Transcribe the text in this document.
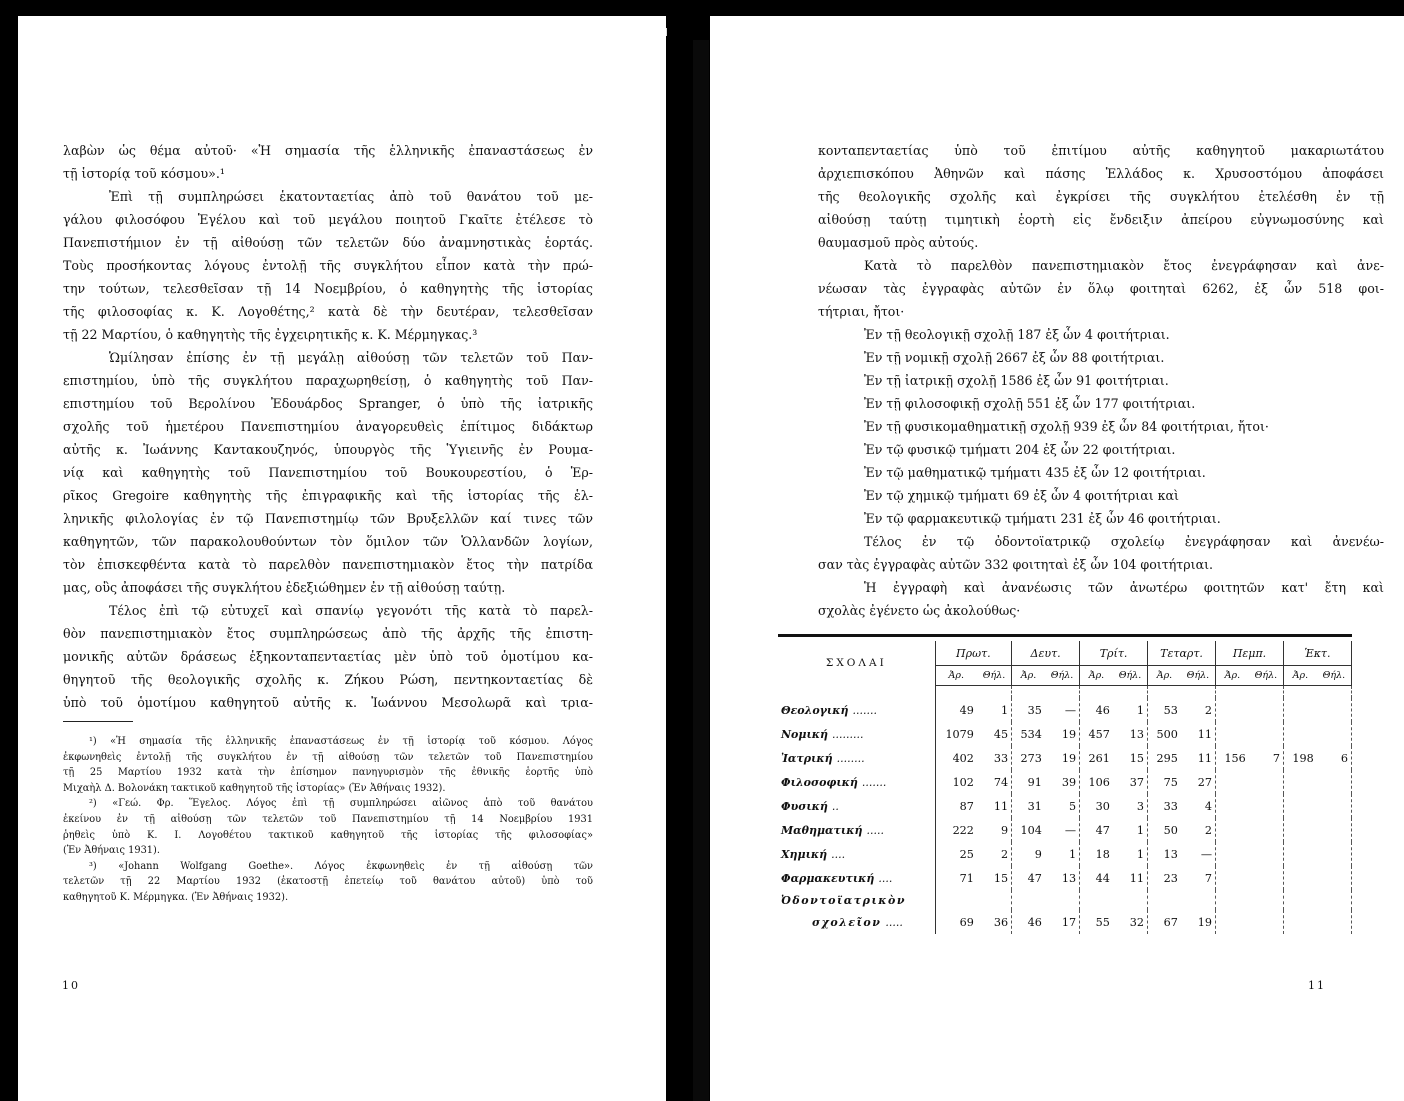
λαβὼν ὡς θέμα αὐτοῦ· «Ἡ σημασία τῆς ἑλληνικῆς ἐπαναστάσεως ἐν
τῇ ἱστορίᾳ τοῦ κόσμου».¹
Ἐπὶ τῇ συμπληρώσει ἑκατονταετίας ἀπὸ τοῦ θανάτου τοῦ με-
γάλου φιλοσόφου Ἑγέλου καὶ τοῦ μεγάλου ποιητοῦ Γκαῖτε ἐτέλεσε τὸ
Πανεπιστήμιον ἐν τῇ αἰθούσῃ τῶν τελετῶν δύο ἀναμνηστικὰς ἑορτάς.
Τοὺς προσήκοντας λόγους ἐντολῇ τῆς συγκλήτου εἶπον κατὰ τὴν πρώ-
την τούτων, τελεσθεῖσαν τῇ 14 Νοεμβρίου, ὁ καθηγητὴς τῆς ἱστορίας
τῆς φιλοσοφίας κ. Κ. Λογοθέτης,² κατὰ δὲ τὴν δευτέραν, τελεσθεῖσαν
τῇ 22 Μαρτίου, ὁ καθηγητὴς τῆς ἐγχειρητικῆς κ. Κ. Μέρμηγκας.³
Ὡμίλησαν ἐπίσης ἐν τῇ μεγάλῃ αἰθούσῃ τῶν τελετῶν τοῦ Παν-
επιστημίου, ὑπὸ τῆς συγκλήτου παραχωρηθείσῃ, ὁ καθηγητὴς τοῦ Παν-
επιστημίου τοῦ Βερολίνου Ἐδουάρδος Spranger, ὁ ὑπὸ τῆς ἰατρικῆς
σχολῆς τοῦ ἡμετέρου Πανεπιστημίου ἀναγορευθεὶς ἐπίτιμος διδάκτωρ
αὐτῆς κ. Ἰωάννης Καντακουζηνός, ὑπουργὸς τῆς Ὑγιεινῆς ἐν Ρουμα-
νίᾳ καὶ καθηγητὴς τοῦ Πανεπιστημίου τοῦ Βουκουρεστίου, ὁ Ἑρ-
ρῖκος Gregoire καθηγητὴς τῆς ἐπιγραφικῆς καὶ τῆς ἱστορίας τῆς ἑλ-
ληνικῆς φιλολογίας ἐν τῷ Πανεπιστημίῳ τῶν Βρυξελλῶν καί τινες τῶν
καθηγητῶν, τῶν παρακολουθούντων τὸν ὅμιλον τῶν Ὁλλανδῶν λογίων,
τὸν ἐπισκεφθέντα κατὰ τὸ παρελθὸν πανεπιστημιακὸν ἔτος τὴν πατρίδα
μας, οὓς ἀποφάσει τῆς συγκλήτου ἐδεξιώθημεν ἐν τῇ αἰθούσῃ ταύτῃ.
Τέλος ἐπὶ τῷ εὐτυχεῖ καὶ σπανίῳ γεγονότι τῆς κατὰ τὸ παρελ-
θὸν πανεπιστημιακὸν ἔτος συμπληρώσεως ἀπὸ τῆς ἀρχῆς τῆς ἐπιστη-
μονικῆς αὐτῶν δράσεως ἑξηκονταπενταετίας μὲν ὑπὸ τοῦ ὁμοτίμου κα-
θηγητοῦ τῆς θεολογικῆς σχολῆς κ. Ζήκου Ρώση, πεντηκονταετίας δὲ
ὑπὸ τοῦ ὁμοτίμου καθηγητοῦ αὐτῆς κ. Ἰωάννου Μεσολωρᾶ καὶ τρια-
¹) «Ἡ σημασία τῆς ἑλληνικῆς ἐπαναστάσεως ἐν τῇ ἱστορίᾳ τοῦ κόσμου. Λόγος
ἐκφωνηθεὶς ἐντολῇ τῆς συγκλήτου ἐν τῇ αἰθούσῃ τῶν τελετῶν τοῦ Πανεπιστημίου
τῇ 25 Μαρτίου 1932 κατὰ τὴν ἐπίσημον πανηγυρισμὸν τῆς ἐθνικῆς ἑορτῆς ὑπὸ
Μιχαὴλ Δ. Βολονάκη τακτικοῦ καθηγητοῦ τῆς ἱστορίας» (Ἐν Ἀθήναις 1932).
²) «Γεώ. Φρ. Ἕγελος. Λόγος ἐπὶ τῇ συμπληρώσει αἰῶνος ἀπὸ τοῦ θανάτου
ἐκείνου ἐν τῇ αἰθούσῃ τῶν τελετῶν τοῦ Πανεπιστημίου τῇ 14 Νοεμβρίου 1931
ῥηθεὶς ὑπὸ Κ. Ι. Λογοθέτου τακτικοῦ καθηγητοῦ τῆς ἱστορίας τῆς φιλοσοφίας»
(Ἐν Ἀθήναις 1931).
³) «Johann Wolfgang Goethe». Λόγος ἐκφωνηθεὶς ἐν τῇ αἰθούσῃ τῶν
τελετῶν τῇ 22 Μαρτίου 1932 (ἑκατοστῇ ἐπετείῳ τοῦ θανάτου αὐτοῦ) ὑπὸ τοῦ
καθηγητοῦ Κ. Μέρμηγκα. (Ἐν Ἀθήναις 1932).
10
κονταπενταετίας ὑπὸ τοῦ ἐπιτίμου αὐτῆς καθηγητοῦ μακαριωτάτου
ἀρχιεπισκόπου Ἀθηνῶν καὶ πάσης Ἑλλάδος κ. Χρυσοστόμου ἀποφάσει
τῆς θεολογικῆς σχολῆς καὶ ἐγκρίσει τῆς συγκλήτου ἐτελέσθη ἐν τῇ
αἰθούσῃ ταύτῃ τιμητικὴ ἑορτὴ εἰς ἔνδειξιν ἀπείρου εὐγνωμοσύνης καὶ
θαυμασμοῦ πρὸς αὐτούς.
Κατὰ τὸ παρελθὸν πανεπιστημιακὸν ἔτος ἐνεγράφησαν καὶ ἀνε-
νέωσαν τὰς ἐγγραφὰς αὐτῶν ἐν ὅλῳ φοιτηταὶ 6262, ἐξ ὧν 518 φοι-
τήτριαι, ἤτοι·
Ἐν τῇ θεολογικῇ σχολῇ 187 ἐξ ὧν 4 φοιτήτριαι.
Ἐν τῇ νομικῇ σχολῇ 2667 ἐξ ὧν 88 φοιτήτριαι.
Ἐν τῇ ἰατρικῇ σχολῇ 1586 ἐξ ὧν 91 φοιτήτριαι.
Ἐν τῇ φιλοσοφικῇ σχολῇ 551 ἐξ ὧν 177 φοιτήτριαι.
Ἐν τῇ φυσικομαθηματικῇ σχολῇ 939 ἐξ ὧν 84 φοιτήτριαι, ἤτοι·
Ἐν τῷ φυσικῷ τμήματι 204 ἐξ ὧν 22 φοιτήτριαι.
Ἐν τῷ μαθηματικῷ τμήματι 435 ἐξ ὧν 12 φοιτήτριαι.
Ἐν τῷ χημικῷ τμήματι 69 ἐξ ὧν 4 φοιτήτριαι καὶ
Ἐν τῷ φαρμακευτικῷ τμήματι 231 ἐξ ὧν 46 φοιτήτριαι.
Τέλος ἐν τῷ ὀδοντοϊατρικῷ σχολείῳ ἐνεγράφησαν καὶ ἀνενέω-
σαν τὰς ἐγγραφὰς αὐτῶν 332 φοιτηταὶ ἐξ ὧν 104 φοιτήτριαι.
Ἡ ἐγγραφὴ καὶ ἀνανέωσις τῶν ἀνωτέρω φοιτητῶν κατ' ἔτη καὶ
σχολὰς ἐγένετο ὡς ἀκολούθως·
ΣΧΟΛΑΙ	Πρωτ.		Δευτ.		Τρίτ.		Τεταρτ.		Πεμπ.		Ἑκτ.	
	Ἀρ.	Θήλ.	Ἀρ.	Θήλ.	Ἀρ.	Θήλ.	Ἀρ.	Θήλ.	Ἀρ.	Θήλ.	Ἀρ.	Θήλ.

Θεολογική .......	49	1	35	—	46	1	53	2				
Νομική .........	1079	45	534	19	457	13	500	11				
Ἰατρική ........	402	33	273	19	261	15	295	11	156	7	198	6
Φιλοσοφική .......	102	74	91	39	106	37	75	27				
Φυσική ..	87	11	31	5	30	3	33	4				
Μαθηματική .....	222	9	104	—	47	1	50	2				
Χημική ....	25	2	9	1	18	1	13	—				
Φαρμακευτική ....	71	15	47	13	44	11	23	7				
Ὀδοντοϊατρικὸν												
σχολεῖον .....	69	36	46	17	55	32	67	19				
11
